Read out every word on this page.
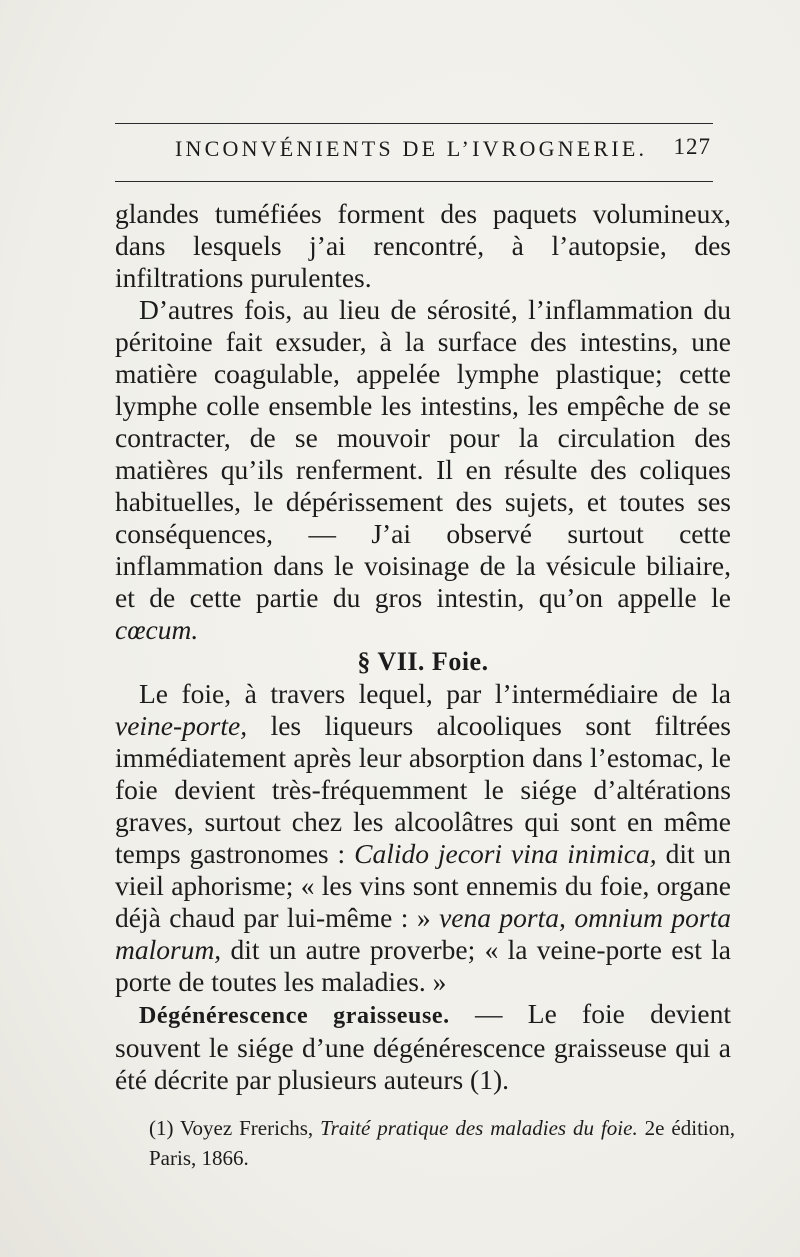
INCONVÉNIENTS DE L’IVROGNERIE. 127

glandes tuméfiées forment des paquets volumineux, dans lesquels j’ai rencontré, à l’autopsie, des infiltrations purulentes.

D’autres fois, au lieu de sérosité, l’inflammation du péritoine fait exsuder, à la surface des intestins, une matière coagulable, appelée lymphe plastique; cette lymphe colle ensemble les intestins, les empêche de se contracter, de se mouvoir pour la circulation des matières qu’ils renferment. Il en résulte des coliques habituelles, le dépérissement des sujets, et toutes ses conséquences, — J’ai observé surtout cette inflammation dans le voisinage de la vésicule biliaire, et de cette partie du gros intestin, qu’on appelle le cœcum.

§ VII. Foie.

Le foie, à travers lequel, par l’intermédiaire de la veine-porte, les liqueurs alcooliques sont filtrées immédiatement après leur absorption dans l’estomac, le foie devient très-fréquemment le siége d’altérations graves, surtout chez les alcoolâtres qui sont en même temps gastronomes : Calido jecori vina inimica, dit un vieil aphorisme; « les vins sont ennemis du foie, organe déjà chaud par lui-même : » vena porta, omnium porta malorum, dit un autre proverbe; « la veine-porte est la porte de toutes les maladies. »

Dégénérescence graisseuse. — Le foie devient souvent le siége d’une dégénérescence graisseuse qui a été décrite par plusieurs auteurs (1).

(1) Voyez Frerichs, Traité pratique des maladies du foie. 2e édition, Paris, 1866.
